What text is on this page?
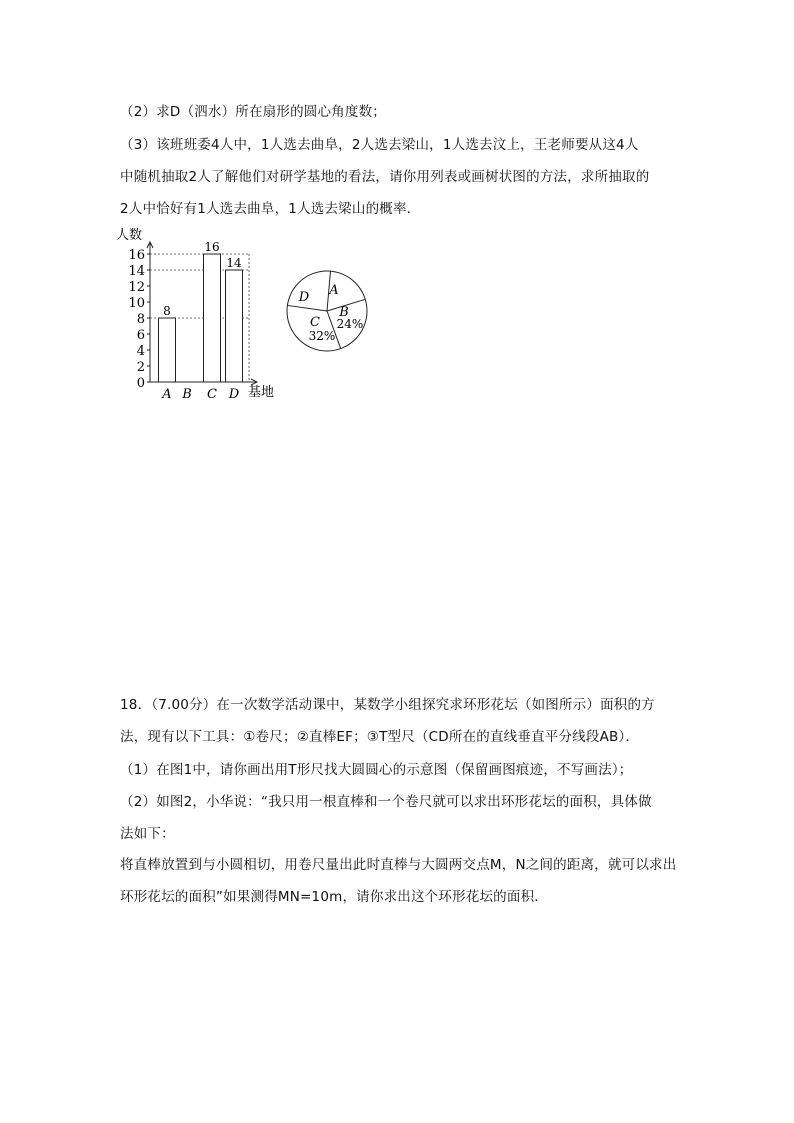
（2）求D（泗水）所在扇形的圆心角度数；
（3）该班班委4人中，1人选去曲阜，2人选去梁山，1人选去汶上，王老师要从这4人
中随机抽取2人了解他们对研学基地的看法，请你用列表或画树状图的方法，求所抽取的
2人中恰好有1人选去曲阜，1人选去梁山的概率．
人数
基地
0
2
4
6
8
10
12
14
16
A
8
B C
16
D
14
A
B
24%
C
32%
D
18．（7.00分）在一次数学活动课中，某数学小组探究求环形花坛（如图所示）面积的方
法，现有以下工具：①卷尺；②直棒EF；③T型尺（CD所在的直线垂直平分线段AB）．
（1）在图1中，请你画出用T形尺找大圆圆心的示意图（保留画图痕迹，不写画法）；
（2）如图2，小华说：“我只用一根直棒和一个卷尺就可以求出环形花坛的面积，具体做
法如下：
将直棒放置到与小圆相切，用卷尺量出此时直棒与大圆两交点M，N之间的距离，就可以求出
环形花坛的面积”如果测得MN=10m，请你求出这个环形花坛的面积．
